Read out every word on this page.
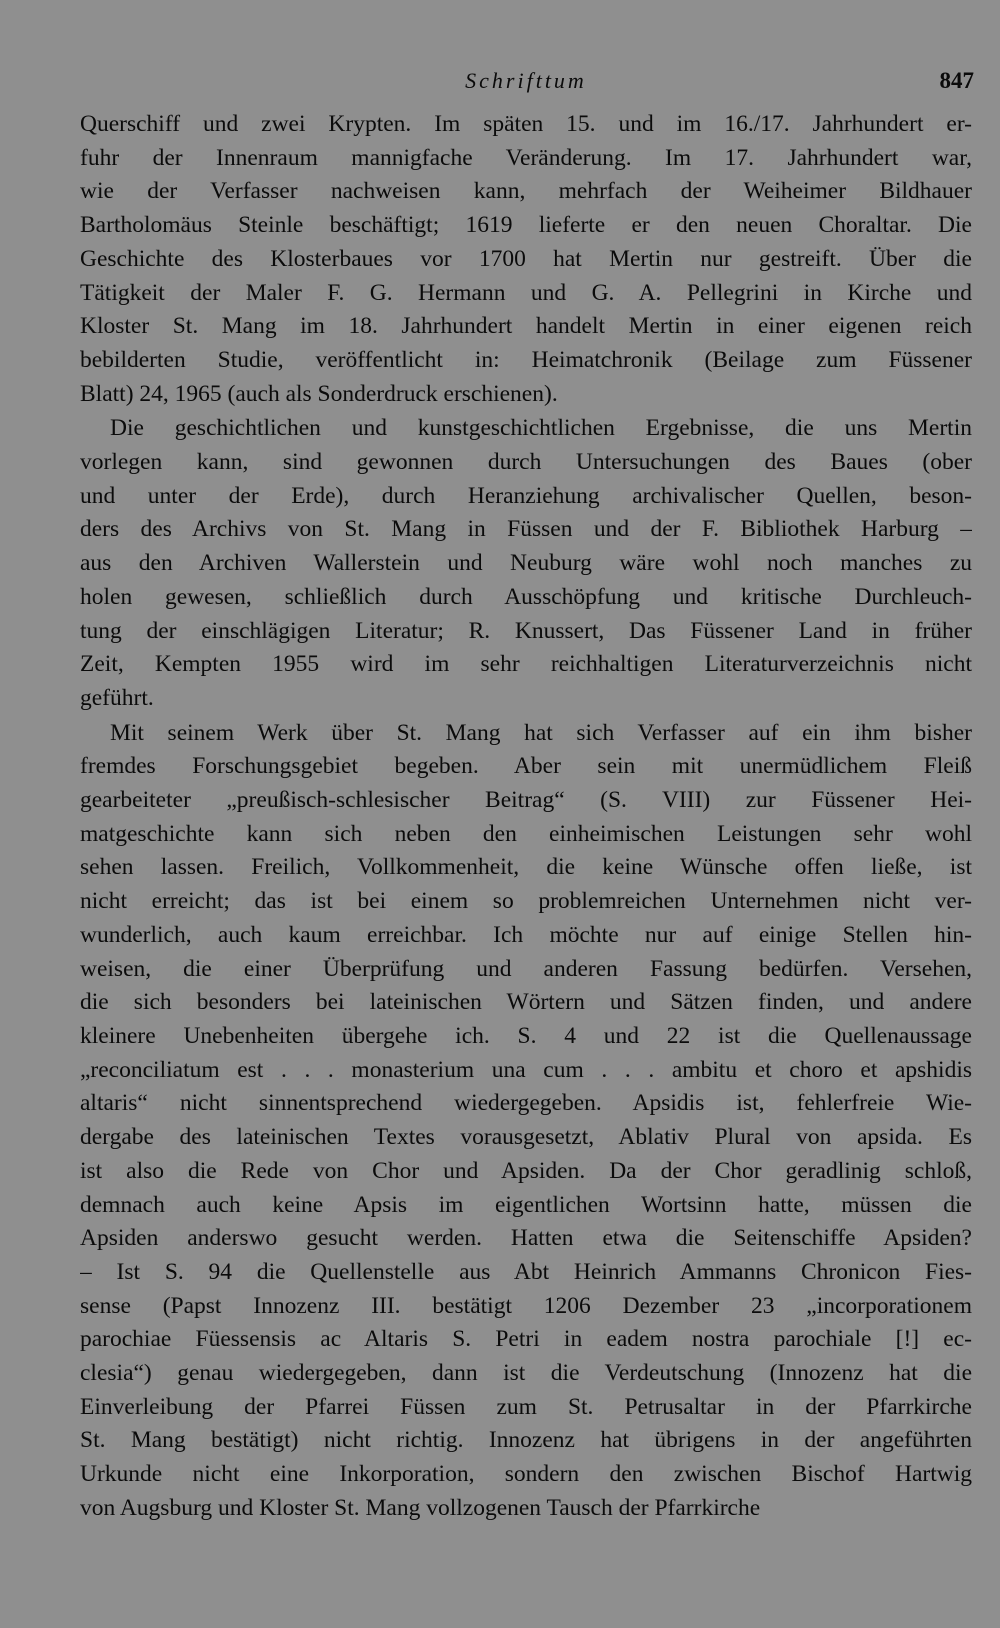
Schrifttum	847

Querschiff und zwei Krypten. Im späten 15. und im 16./17. Jahrhundert er-
fuhr der Innenraum mannigfache Veränderung. Im 17. Jahrhundert war,
wie der Verfasser nachweisen kann, mehrfach der Weiheimer Bildhauer
Bartholomäus Steinle beschäftigt; 1619 lieferte er den neuen Choraltar. Die
Geschichte des Klosterbaues vor 1700 hat Mertin nur gestreift. Über die
Tätigkeit der Maler F. G. Hermann und G. A. Pellegrini in Kirche und
Kloster St. Mang im 18. Jahrhundert handelt Mertin in einer eigenen reich
bebilderten Studie, veröffentlicht in: Heimatchronik (Beilage zum Füssener
Blatt) 24, 1965 (auch als Sonderdruck erschienen).

Die geschichtlichen und kunstgeschichtlichen Ergebnisse, die uns Mertin
vorlegen kann, sind gewonnen durch Untersuchungen des Baues (ober
und unter der Erde), durch Heranziehung archivalischer Quellen, beson-
ders des Archivs von St. Mang in Füssen und der F. Bibliothek Harburg –
aus den Archiven Wallerstein und Neuburg wäre wohl noch manches zu
holen gewesen, schließlich durch Ausschöpfung und kritische Durchleuch-
tung der einschlägigen Literatur; R. Knussert, Das Füssener Land in früher
Zeit, Kempten 1955 wird im sehr reichhaltigen Literaturverzeichnis nicht
geführt.

Mit seinem Werk über St. Mang hat sich Verfasser auf ein ihm bisher
fremdes Forschungsgebiet begeben. Aber sein mit unermüdlichem Fleiß
gearbeiteter „preußisch-schlesischer Beitrag“ (S. VIII) zur Füssener Hei-
matgeschichte kann sich neben den einheimischen Leistungen sehr wohl
sehen lassen. Freilich, Vollkommenheit, die keine Wünsche offen ließe, ist
nicht erreicht; das ist bei einem so problemreichen Unternehmen nicht ver-
wunderlich, auch kaum erreichbar. Ich möchte nur auf einige Stellen hin-
weisen, die einer Überprüfung und anderen Fassung bedürfen. Versehen,
die sich besonders bei lateinischen Wörtern und Sätzen finden, und andere
kleinere Unebenheiten übergehe ich. S. 4 und 22 ist die Quellenaussage
„reconciliatum est . . . monasterium una cum . . . ambitu et choro et apshidis
altaris“ nicht sinnentsprechend wiedergegeben. Apsidis ist, fehlerfreie Wie-
dergabe des lateinischen Textes vorausgesetzt, Ablativ Plural von apsida. Es
ist also die Rede von Chor und Apsiden. Da der Chor geradlinig schloß,
demnach auch keine Apsis im eigentlichen Wortsinn hatte, müssen die
Apsiden anderswo gesucht werden. Hatten etwa die Seitenschiffe Apsiden?
– Ist S. 94 die Quellenstelle aus Abt Heinrich Ammanns Chronicon Fies-
sense (Papst Innozenz III. bestätigt 1206 Dezember 23 „incorporationem
parochiae Füessensis ac Altaris S. Petri in eadem nostra parochiale [!] ec-
clesia“) genau wiedergegeben, dann ist die Verdeutschung (Innozenz hat die
Einverleibung der Pfarrei Füssen zum St. Petrusaltar in der Pfarrkirche
St. Mang bestätigt) nicht richtig. Innozenz hat übrigens in der angeführten
Urkunde nicht eine Inkorporation, sondern den zwischen Bischof Hartwig
von Augsburg und Kloster St. Mang vollzogenen Tausch der Pfarrkirche
